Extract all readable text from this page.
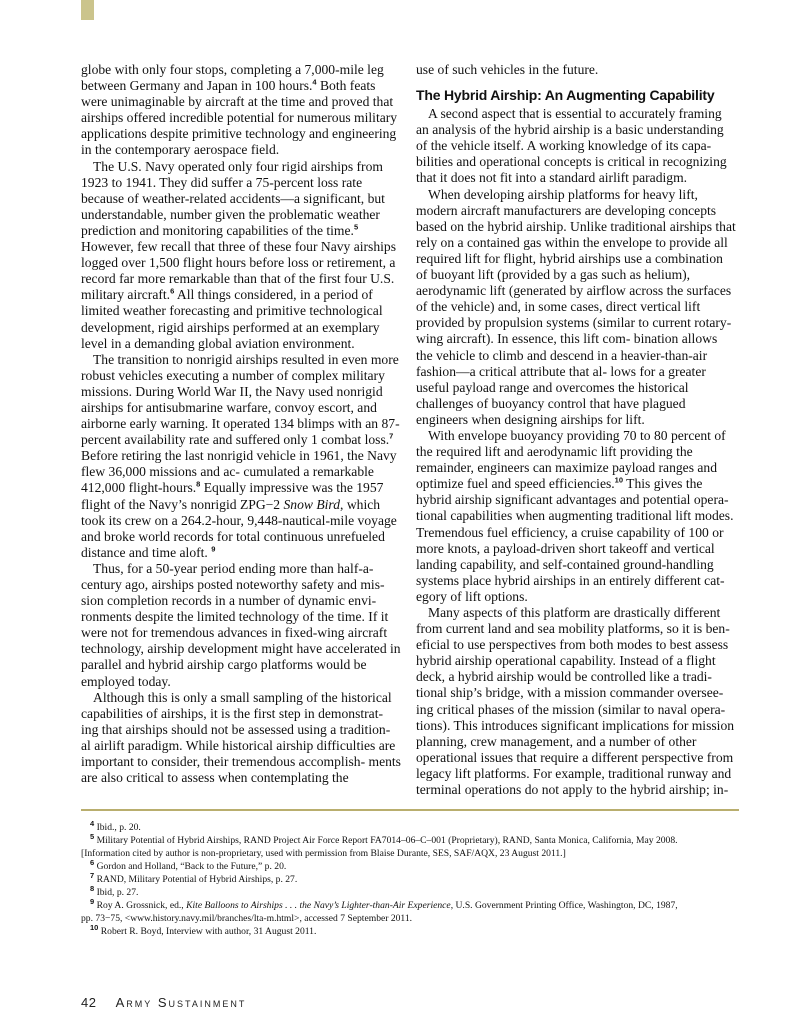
globe with only four stops, completing a 7,000-mile leg between Germany and Japan in 100 hours.$^4$ Both feats were unimaginable by aircraft at the time and proved that airships offered incredible potential for numerous military applications despite primitive technology and engineering in the contemporary aerospace field.

The U.S. Navy operated only four rigid airships from 1923 to 1941. They did suffer a 75-percent loss rate because of weather-related accidents—a significant, but understandable, number given the problematic weather prediction and monitoring capabilities of the time.$^5$ However, few recall that three of these four Navy airships logged over 1,500 flight hours before loss or retirement, a record far more remarkable than that of the first four U.S. military aircraft.$^6$ All things considered, in a period of limited weather forecasting and primitive technological development, rigid airships performed at an exemplary level in a demanding global aviation environment.

The transition to nonrigid airships resulted in even more robust vehicles executing a number of complex military missions. During World War II, the Navy used nonrigid airships for antisubmarine warfare, convoy escort, and airborne early warning. It operated 134 blimps with an 87-percent availability rate and suffered only 1 combat loss.$^7$ Before retiring the last nonrigid vehicle in 1961, the Navy flew 36,000 missions and ac- cumulated a remarkable 412,000 flight-hours.$^8$ Equally impressive was the 1957 flight of the Navy’s nonrigid ZPG−2 Snow Bird, which took its crew on a 264.2-hour, 9,448-nautical-mile voyage and broke world records for total continuous unrefueled distance and time aloft. $^9$

Thus, for a 50-year period ending more than half-a- century ago, airships posted noteworthy safety and mis- sion completion records in a number of dynamic envi- ronments despite the limited technology of the time. If it were not for tremendous advances in fixed-wing aircraft technology, airship development might have accelerated in parallel and hybrid airship cargo platforms would be employed today.

Although this is only a small sampling of the historical capabilities of airships, it is the first step in demonstrat- ing that airships should not be assessed using a tradition- al airlift paradigm. While historical airship difficulties are important to consider, their tremendous accomplish- ments are also critical to assess when contemplating the

use of such vehicles in the future.

The Hybrid Airship: An Augmenting Capability

A second aspect that is essential to accurately framing an analysis of the hybrid airship is a basic understanding of the vehicle itself. A working knowledge of its capa- bilities and operational concepts is critical in recognizing that it does not fit into a standard airlift paradigm.

When developing airship platforms for heavy lift, modern aircraft manufacturers are developing concepts based on the hybrid airship. Unlike traditional airships that rely on a contained gas within the envelope to provide all required lift for flight, hybrid airships use a combination of buoyant lift (provided by a gas such as helium), aerodynamic lift (generated by airflow across the surfaces of the vehicle) and, in some cases, direct vertical lift provided by propulsion systems (similar to current rotary-wing aircraft). In essence, this lift com- bination allows the vehicle to climb and descend in a heavier-than-air fashion—a critical attribute that al- lows for a greater useful payload range and overcomes the historical challenges of buoyancy control that have plagued engineers when designing airships for lift.

With envelope buoyancy providing 70 to 80 percent of the required lift and aerodynamic lift providing the remainder, engineers can maximize payload ranges and optimize fuel and speed efficiencies.$^{10}$ This gives the hybrid airship significant advantages and potential opera- tional capabilities when augmenting traditional lift modes. Tremendous fuel efficiency, a cruise capability of 100 or more knots, a payload-driven short takeoff and vertical landing capability, and self-contained ground-handling systems place hybrid airships in an entirely different cat- egory of lift options.

Many aspects of this platform are drastically different from current land and sea mobility platforms, so it is ben- eficial to use perspectives from both modes to best assess hybrid airship operational capability. Instead of a flight deck, a hybrid airship would be controlled like a tradi- tional ship’s bridge, with a mission commander oversee- ing critical phases of the mission (similar to naval opera- tions). This introduces significant implications for mission planning, crew management, and a number of other operational issues that require a different perspective from legacy lift platforms. For example, traditional runway and terminal operations do not apply to the hybrid airship; in-

$^4$ Ibid., p. 20.

$^5$ Military Potential of Hybrid Airships, RAND Project Air Force Report FA7014–06–C–001 (Proprietary), RAND, Santa Monica, California, May 2008.

[Information cited by author is non-proprietary, used with permission from Blaise Durante, SES, SAF/AQX, 23 August 2011.]

$^6$ Gordon and Holland, “Back to the Future,” p. 20.

$^7$ RAND, Military Potential of Hybrid Airships, p. 27.

$^8$ Ibid, p. 27.

$^9$ Roy A. Grossnick, ed., Kite Balloons to Airships . . . the Navy’s Lighter-than-Air Experience, U.S. Government Printing Office, Washington, DC, 1987,

pp. 73−75, <www.history.navy.mil/branches/lta-m.html>, accessed 7 September 2011.

$^{10}$ Robert R. Boyd, Interview with author, 31 August 2011.

42 Army Sustainment
